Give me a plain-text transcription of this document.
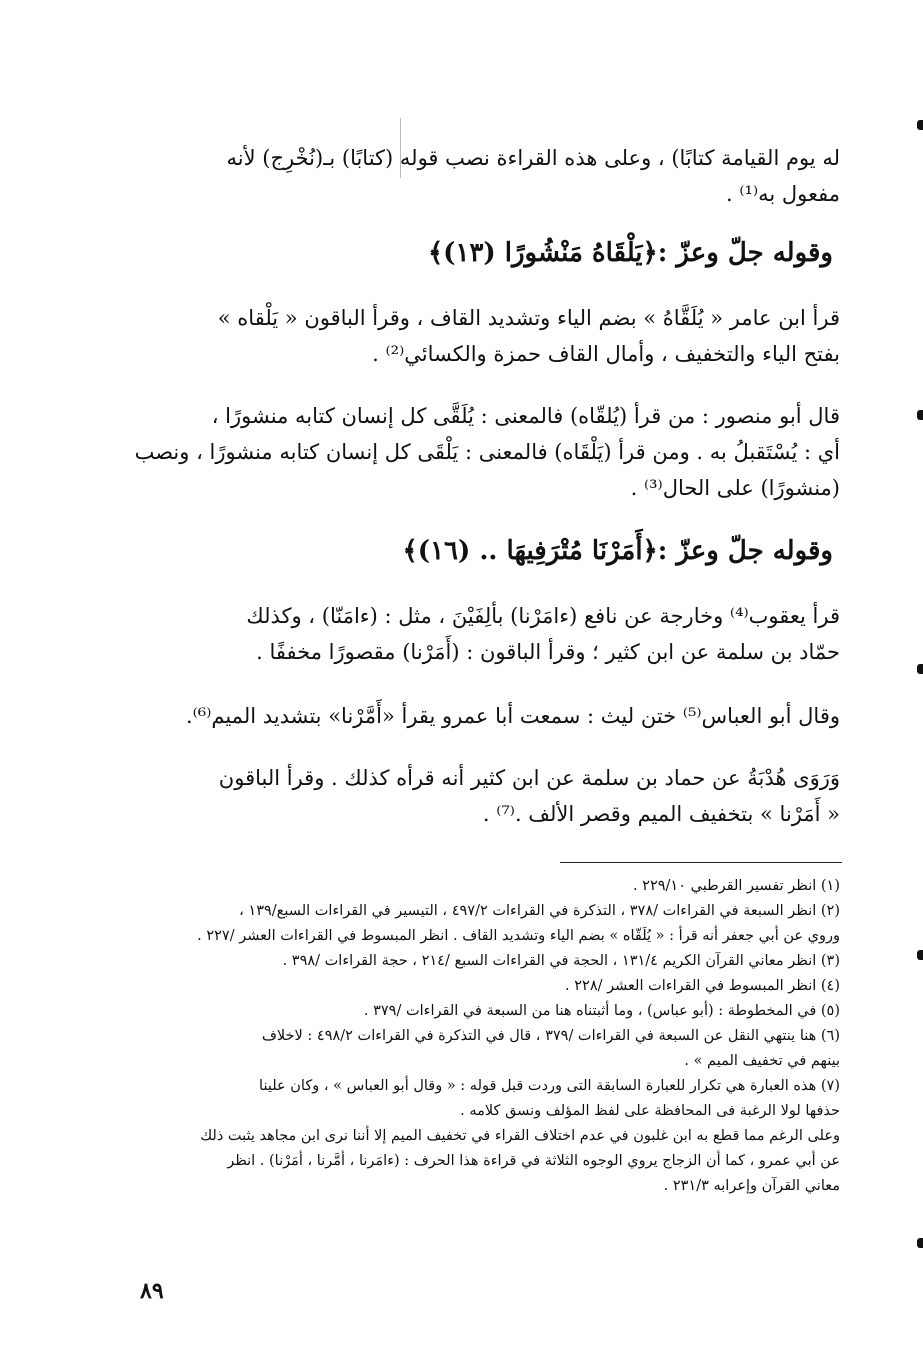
له يوم القيامة كتابًا) ، وعلى هذه القراءة نصب قوله (كتابًا) بـ(نُخْرِج) لأنه
مفعول به⁽¹⁾ .
وقوله جلّ وعزّ :﴿يَلْقَاهُ مَنْشُورًا (١٣)﴾
قرأ ابن عامر « يُلَقَّاهُ » بضم الياء وتشديد القاف ، وقرأ الباقون « يَلْقاه »
بفتح الياء والتخفيف ، وأمال القاف حمزة والكسائي⁽²⁾ .
قال أبو منصور : من قرأ (يُلقّاه) فالمعنى : يُلَقَّى كل إنسان كتابه منشورًا ،
أي : يُسْتَقبلُ به . ومن قرأ (يَلْقَاه) فالمعنى : يَلْقَى كل إنسان كتابه منشورًا ، ونصب
(منشورًا) على الحال⁽³⁾ .
وقوله جلّ وعزّ :﴿أَمَرْنَا مُتْرَفِيهَا .. (١٦)﴾
قرأ يعقوب⁽⁴⁾ وخارجة عن نافع (ءامَرْنا) بألِفَيْنَ ، مثل : (ءامَنّا) ، وكذلك
حمّاد بن سلمة عن ابن كثير ؛ وقرأ الباقون : (أَمَرْنا) مقصورًا مخففًا .
وقال أبو العباس⁽⁵⁾ ختن ليث : سمعت أبا عمرو يقرأ «أَمَّرْنا» بتشديد الميم⁽⁶⁾.
وَرَوَى هُدْبَةُ عن حماد بن سلمة عن ابن كثير أنه قرأه كذلك . وقرأ الباقون
« أَمَرْنا » بتخفيف الميم وقصر الألف .⁽⁷⁾ .
(١) انظر تفسير القرطبي ٢٢٩/١٠ .
(٢) انظر السبعة في القراءات /٣٧٨ ، التذكرة في القراءات ٤٩٧/٢ ، التيسير في القراءات السبع/١٣٩ ،
وروي عن أبي جعفر أنه قرأ : « يُلَقّاه » بضم الياء وتشديد القاف . انظر المبسوط في القراءات العشر /٢٢٧ .
(٣) انظر معاني القرآن الكريم ١٣١/٤ ، الحجة في القراءات السبع /٢١٤ ، حجة القراءات /٣٩٨ .
(٤) انظر المبسوط في القراءات العشر /٢٢٨ .
(٥) في المخطوطة : (أبو عباس) ، وما أثبتناه هنا من السبعة في القراءات /٣٧٩ .
(٦) هنا ينتهي النقل عن السبعة في القراءات /٣٧٩ ، قال في التذكرة في القراءات ٤٩٨/٢ : لاخلاف
بينهم في تخفيف الميم » .
(٧) هذه العبارة هي تكرار للعبارة السابقة التى وردت قبل قوله : « وقال أبو العباس » ، وكان علينا
حذفها لولا الرغبة فى المحافظة على لفظ المؤلف ونسق كلامه .
وعلى الرغم مما قطع به ابن غلبون في عدم اختلاف القراء في تخفيف الميم إلا أننا نرى ابن مجاهد يثبت ذلك
عن أبي عمرو ، كما أن الزجاج يروي الوجوه الثلاثة في قراءة هذا الحرف : (ءامَرنا ، أمَّرنا ، أمَرْنا) . انظر
معاني القرآن وإعرابه ٢٣١/٣ .
٨٩
